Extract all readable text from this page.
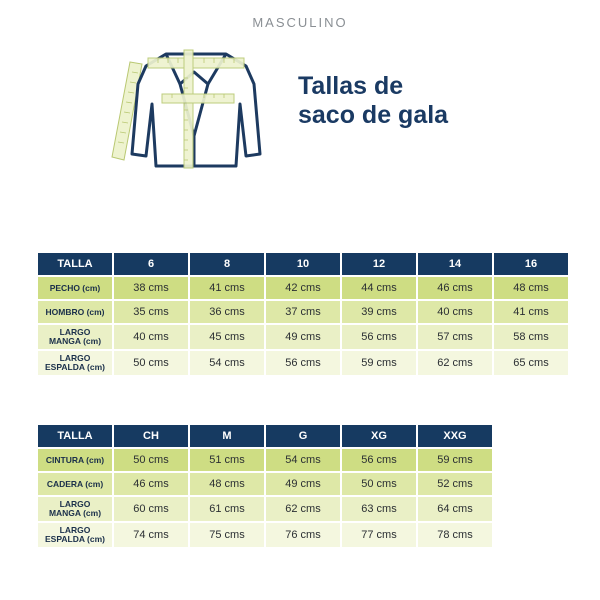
MASCULINO
Tallas de
saco de gala
TALLA	6	8	10	12	14	16
PECHO (cm)	38 cms	41 cms	42 cms	44 cms	46 cms	48 cms
HOMBRO (cm)	35 cms	36 cms	37 cms	39 cms	40 cms	41 cms
LARGO
MANGA (cm)	40 cms	45 cms	49 cms	56 cms	57 cms	58 cms
LARGO
ESPALDA (cm)	50 cms	54 cms	56 cms	59 cms	62 cms	65 cms
TALLA	CH	M	G	XG	XXG
CINTURA (cm)	50 cms	51 cms	54 cms	56 cms	59 cms
CADERA (cm)	46 cms	48 cms	49 cms	50 cms	52 cms
LARGO
MANGA (cm)	60 cms	61 cms	62 cms	63 cms	64 cms
LARGO
ESPALDA (cm)	74 cms	75 cms	76 cms	77 cms	78 cms
